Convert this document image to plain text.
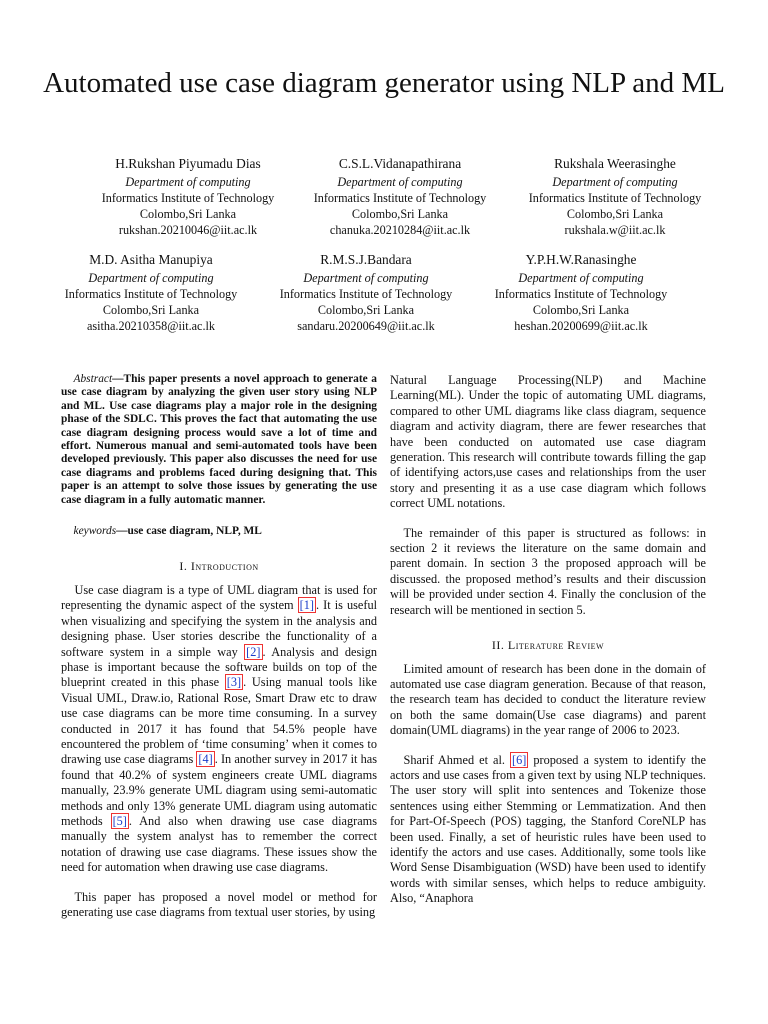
Automated use case diagram generator using NLP and ML
H.Rukshan Piyumadu Dias
Department of computing
Informatics Institute of Technology
Colombo,Sri Lanka
rukshan.20210046@iit.ac.lk
C.S.L.Vidanapathirana
Department of computing
Informatics Institute of Technology
Colombo,Sri Lanka
chanuka.20210284@iit.ac.lk
Rukshala Weerasinghe
Department of computing
Informatics Institute of Technology
Colombo,Sri Lanka
rukshala.w@iit.ac.lk
M.D. Asitha Manupiya
Department of computing
Informatics Institute of Technology
Colombo,Sri Lanka
asitha.20210358@iit.ac.lk
R.M.S.J.Bandara
Department of computing
Informatics Institute of Technology
Colombo,Sri Lanka
sandaru.20200649@iit.ac.lk
Y.P.H.W.Ranasinghe
Department of computing
Informatics Institute of Technology
Colombo,Sri Lanka
heshan.20200699@iit.ac.lk

Abstract—This paper presents a novel approach to generate a use case diagram by analyzing the given user story using NLP and ML. Use case diagrams play a major role in the designing phase of the SDLC. This proves the fact that automating the use case diagram designing process would save a lot of time and effort. Numerous manual and semi-automated tools have been developed previously. This paper also discusses the need for use case diagrams and problems faced during designing that. This paper is an attempt to solve those issues by generating the use case diagram in a fully automatic manner.

keywords—use case diagram, NLP, ML

I. Introduction

Use case diagram is a type of UML diagram that is used for representing the dynamic aspect of the system [1] . It is useful when visualizing and specifying the system in the analysis and designing phase. User stories describe the functionality of a software system in a simple way [2] . Analysis and design phase is important because the software builds on top of the blueprint created in this phase [3] . Using manual tools like Visual UML, Draw.io, Rational Rose, Smart Draw etc to draw use case diagrams can be more time consuming. In a survey conducted in 2017 it has found that 54.5% people have encountered the problem of ‘time consuming’ when it comes to drawing use case diagrams [4] . In another survey in 2017 it has found that 40.2% of system engineers create UML diagrams manually, 23.9% generate UML diagram using semi-automatic methods and only 13% generate UML diagram using automatic methods [5] . And also when drawing use case diagrams manually the system analyst has to remember the correct notation of drawing use case diagrams. These issues show the need for automation when drawing use case diagrams.

This paper has proposed a novel model or method for generating use case diagrams from textual user stories, by using

Natural Language Processing(NLP) and Machine Learning(ML). Under the topic of automating UML diagrams, compared to other UML diagrams like class diagram, sequence diagram and activity diagram, there are fewer researches that have been conducted on automated use case diagram generation. This research will contribute towards filling the gap of identifying actors,use cases and relationships from the user story and presenting it as a use case diagram which follows correct UML notations.

The remainder of this paper is structured as follows: in section 2 it reviews the literature on the same domain and parent domain. In section 3 the proposed approach will be discussed. the proposed method’s results and their discussion will be provided under section 4. Finally the conclusion of the research will be mentioned in section 5.

II. Literature Review

Limited amount of research has been done in the domain of automated use case diagram generation. Because of that reason, the research team has decided to conduct the literature review on both the same domain(Use case diagrams) and parent domain(UML diagrams) in the year range of 2006 to 2023.

Sharif Ahmed et al. [6] proposed a system to identify the actors and use cases from a given text by using NLP techniques. The user story will split into sentences and Tokenize those sentences using either Stemming or Lemmatization. And then for Part-Of-Speech (POS) tagging, the Stanford CoreNLP has been used. Finally, a set of heuristic rules have been used to identify the actors and use cases. Additionally, some tools like Word Sense Disambiguation (WSD) have been used to identify words with similar senses, which helps to reduce ambiguity. Also, “Anaphora
